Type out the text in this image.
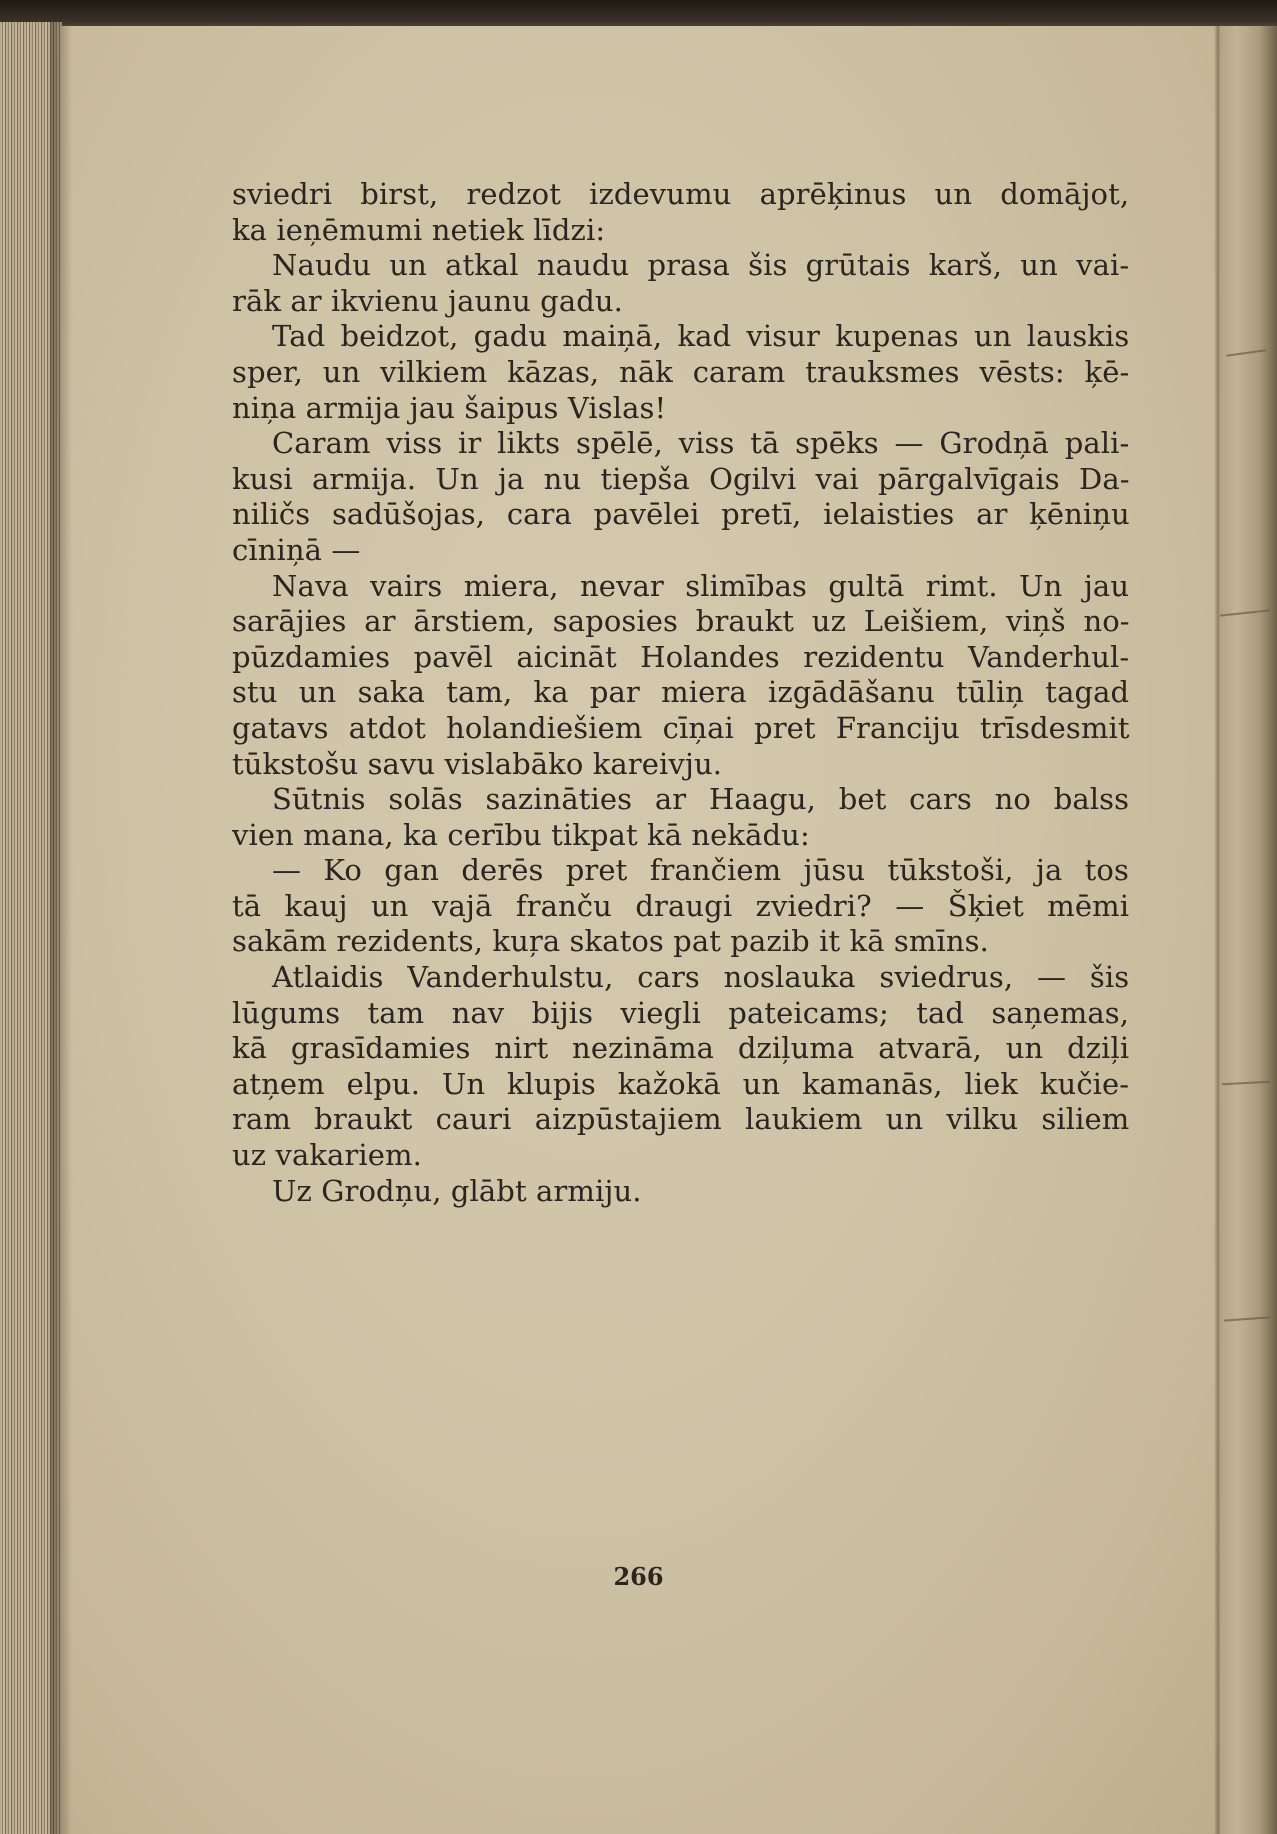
sviedri birst, redzot izdevumu aprēķinus un domājot,
ka ieņēmumi netiek līdzi:
Naudu un atkal naudu prasa šis grūtais karš, un vai-
rāk ar ikvienu jaunu gadu.
Tad beidzot, gadu maiņā, kad visur kupenas un lauskis
sper, un vilkiem kāzas, nāk caram trauksmes vēsts: ķē-
niņa armija jau šaipus Vislas!
Caram viss ir likts spēlē, viss tā spēks — Grodņā pali-
kusi armija. Un ja nu tiepša Ogilvi vai pārgalvīgais Da-
niličs sadūšojas, cara pavēlei pretī, ielaisties ar ķēniņu
cīniņā —
Nava vairs miera, nevar slimības gultā rimt. Un jau
sarājies ar ārstiem, saposies braukt uz Leišiem, viņš no-
pūzdamies pavēl aicināt Holandes rezidentu Vanderhul-
stu un saka tam, ka par miera izgādāšanu tūliņ tagad
gatavs atdot holandiešiem cīņai pret Franciju trīsdesmit
tūkstošu savu vislabāko kareivju.
Sūtnis solās sazināties ar Haagu, bet cars no balss
vien mana, ka cerību tikpat kā nekādu:
— Ko gan derēs pret frančiem jūsu tūkstoši, ja tos
tā kauj un vajā franču draugi zviedri? — Šķiet mēmi
sakām rezidents, kuŗa skatos pat pazib it kā smīns.
Atlaidis Vanderhulstu, cars noslauka sviedrus, — šis
lūgums tam nav bijis viegli pateicams; tad saņemas,
kā grasīdamies nirt nezināma dziļuma atvarā, un dziļi
atņem elpu. Un klupis kažokā un kamanās, liek kučie-
ram braukt cauri aizpūstajiem laukiem un vilku siliem
uz vakariem.
Uz Grodņu, glābt armiju.
266
